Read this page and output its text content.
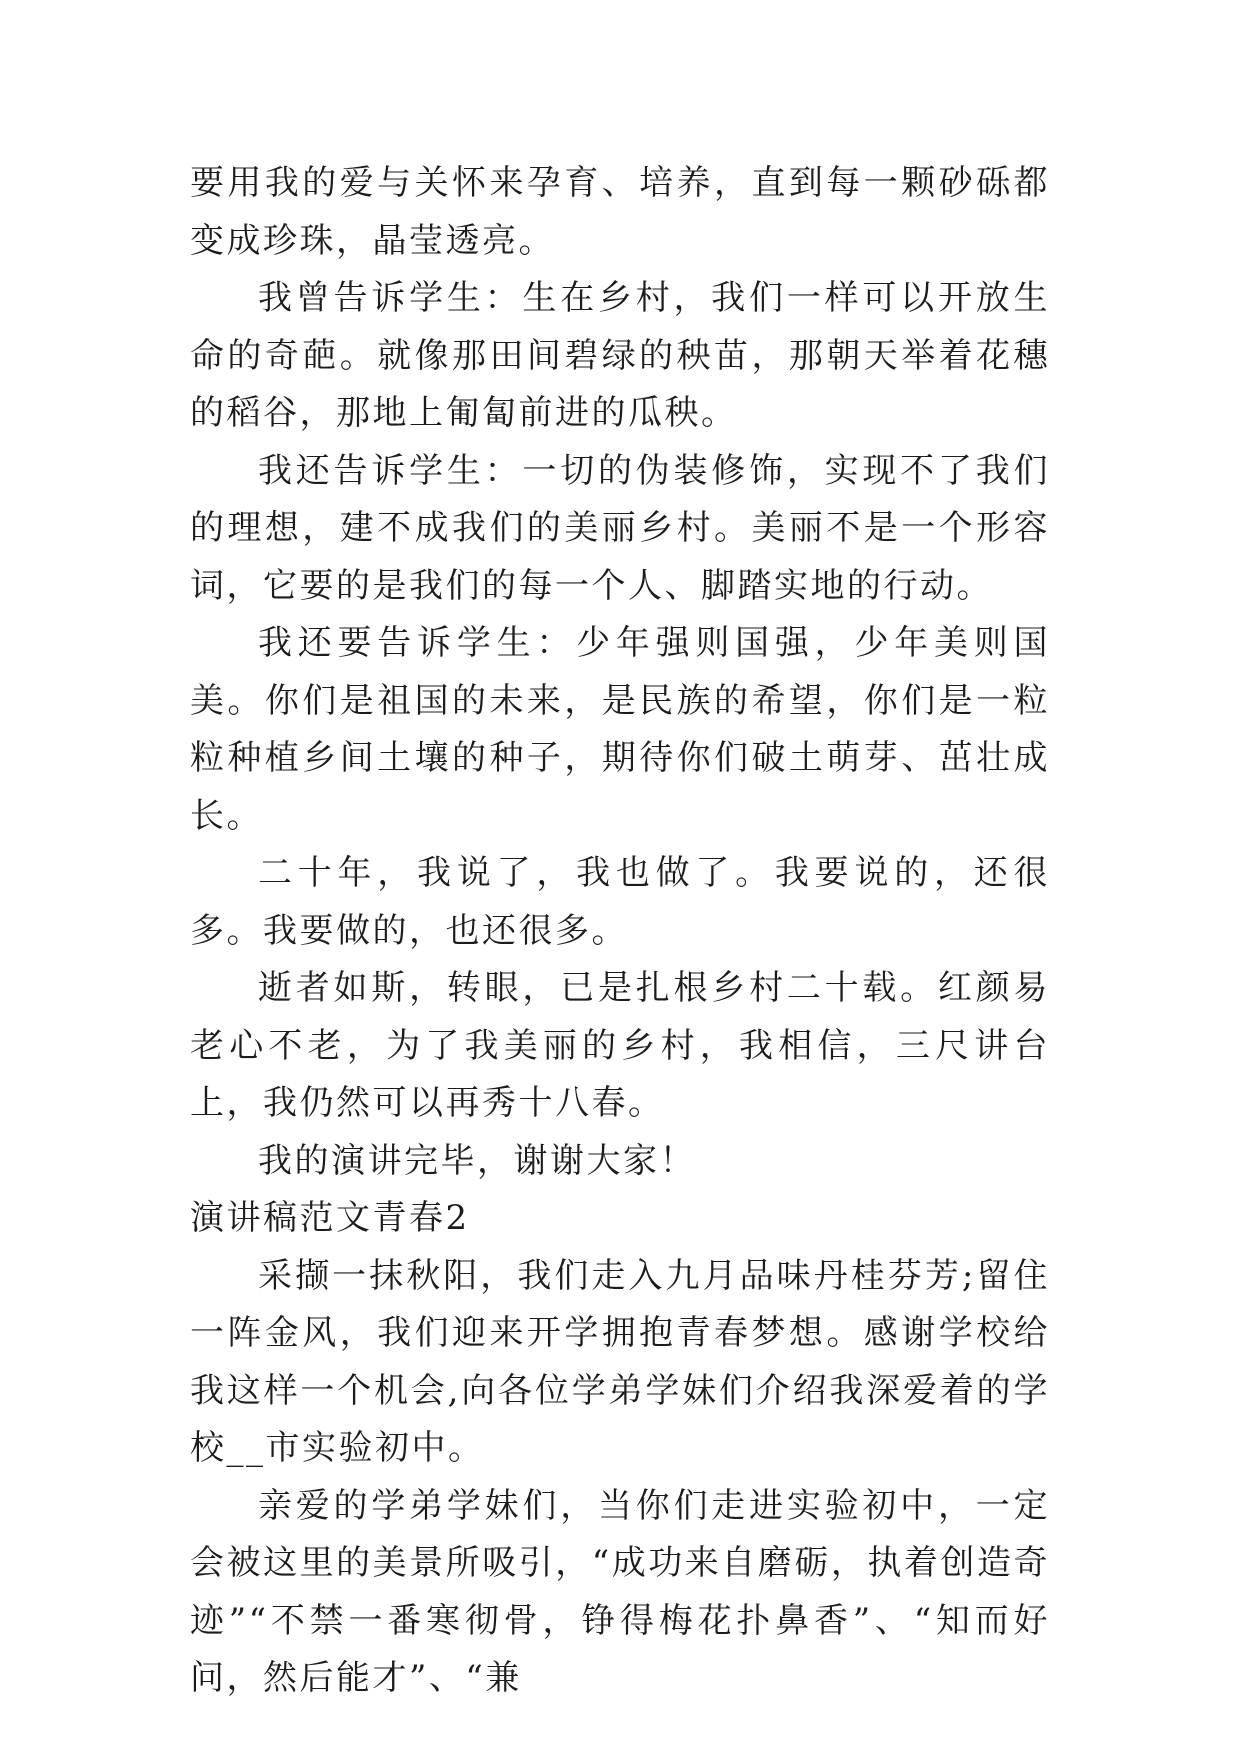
要用我的爱与关怀来孕育、培养，直到每一颗砂砾都变成珍珠，晶莹透亮。

我曾告诉学生：生在乡村，我们一样可以开放生命的奇葩。就像那田间碧绿的秧苗，那朝天举着花穗的稻谷，那地上匍匐前进的瓜秧。

我还告诉学生：一切的伪装修饰，实现不了我们的理想，建不成我们的美丽乡村。美丽不是一个形容词，它要的是我们的每一个人、脚踏实地的行动。

我还要告诉学生：少年强则国强，少年美则国美。你们是祖国的未来，是民族的希望，你们是一粒粒种植乡间土壤的种子，期待你们破土萌芽、茁壮成长。

二十年，我说了，我也做了。我要说的，还很多。我要做的，也还很多。

逝者如斯，转眼，已是扎根乡村二十载。红颜易老心不老，为了我美丽的乡村，我相信，三尺讲台上，我仍然可以再秀十八春。

我的演讲完毕，谢谢大家！

演讲稿范文青春2

采撷一抹秋阳，我们走入九月品味丹桂芬芳;留住一阵金风，我们迎来开学拥抱青春梦想。感谢学校给我这样一个机会,向各位学弟学妹们介绍我深爱着的学校__市实验初中。

亲爱的学弟学妹们，当你们走进实验初中，一定会被这里的美景所吸引，“成功来自磨砺，执着创造奇迹”“不禁一番寒彻骨，铮得梅花扑鼻香”、“知而好问，然后能才”、“兼
